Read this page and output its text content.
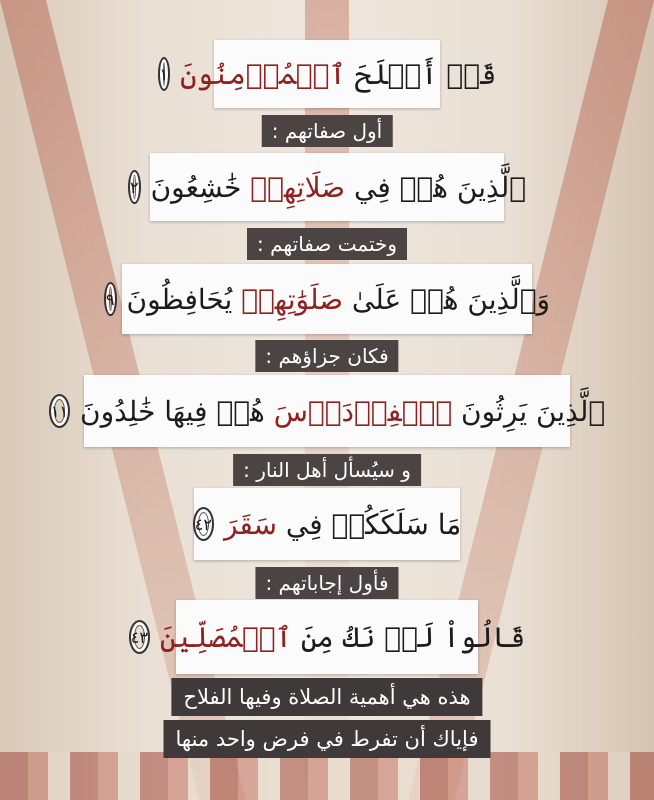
قَدۡ أَفۡلَحَ ٱلۡمُؤۡمِنُونَ
١
أول صفاتهم :
ٱلَّذِينَ هُمۡ فِي صَلَاتِهِمۡ خَٰشِعُونَ
٢
وختمت صفاتهم :
وَٱلَّذِينَ هُمۡ عَلَىٰ صَلَوَٰتِهِمۡ يُحَافِظُونَ
٩
فكان جزاؤهم :
ٱلَّذِينَ يَرِثُونَ ٱلۡفِرۡدَوۡسَ هُمۡ فِيهَا خَٰلِدُونَ
١١
و سيُسأل أهل النار :
مَا سَلَكَكُمۡ فِي سَقَرَ
٤٢
فأول إجاباتهم :
قَالُواْ لَمۡ نَكُ مِنَ ٱلۡمُصَلِّينَ
٤٣
هذه هي أهمية الصلاة وفيها الفلاح
فإياك أن تفرط في فرض واحد منها
